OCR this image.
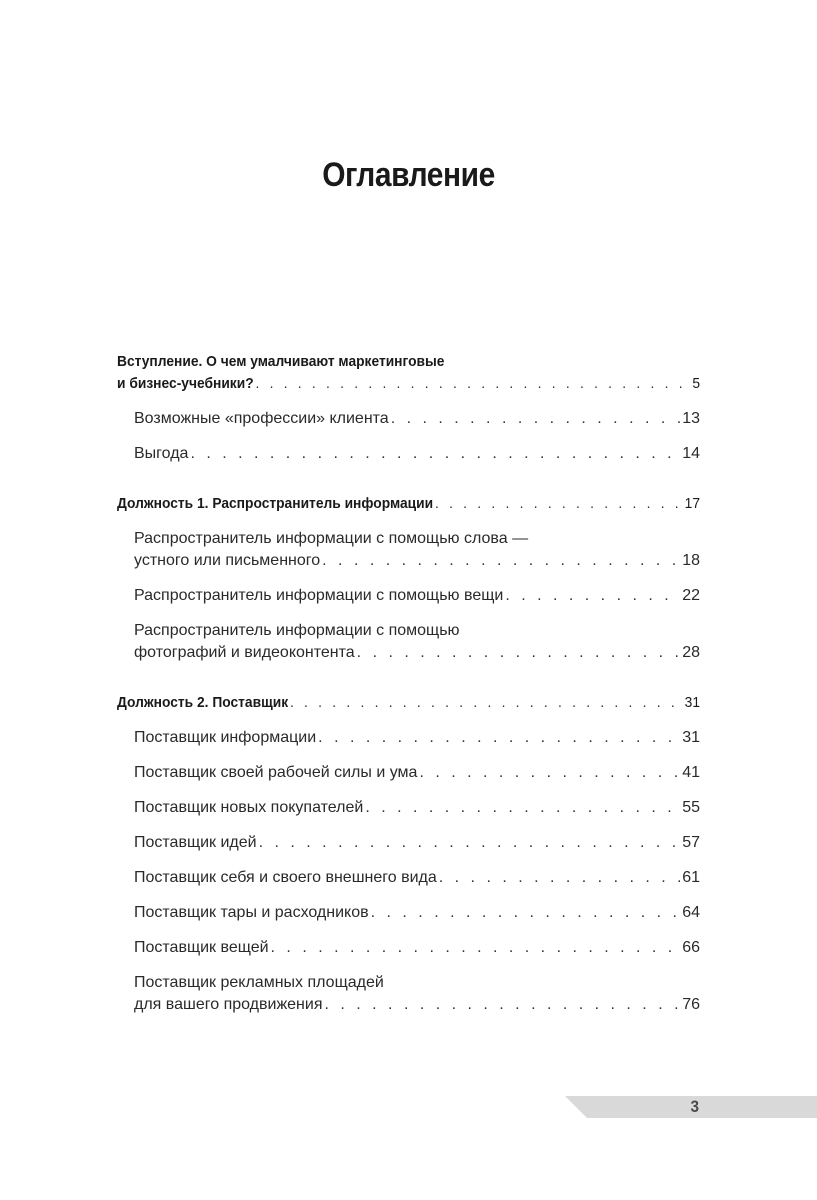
Оглавление
Вступление. О чем умалчивают маркетинговые
и бизнес-учебники? . . .	5
Возможные «профессии» клиента . . .	13
Выгода . . .	14
Должность 1. Распространитель информации . . .	17
Распространитель информации с помощью слова —
устного или письменного . . .	18
Распространитель информации с помощью вещи . . .	22
Распространитель информации с помощью
фотографий и видеоконтента . . .	28
Должность 2. Поставщик . . .	31
Поставщик информации . . .	31
Поставщик своей рабочей силы и ума . . .	41
Поставщик новых покупателей . . .	55
Поставщик идей . . .	57
Поставщик себя и своего внешнего вида . . .	61
Поставщик тары и расходников . . .	64
Поставщик вещей . . .	66
Поставщик рекламных площадей
для вашего продвижения . . .	76
3
